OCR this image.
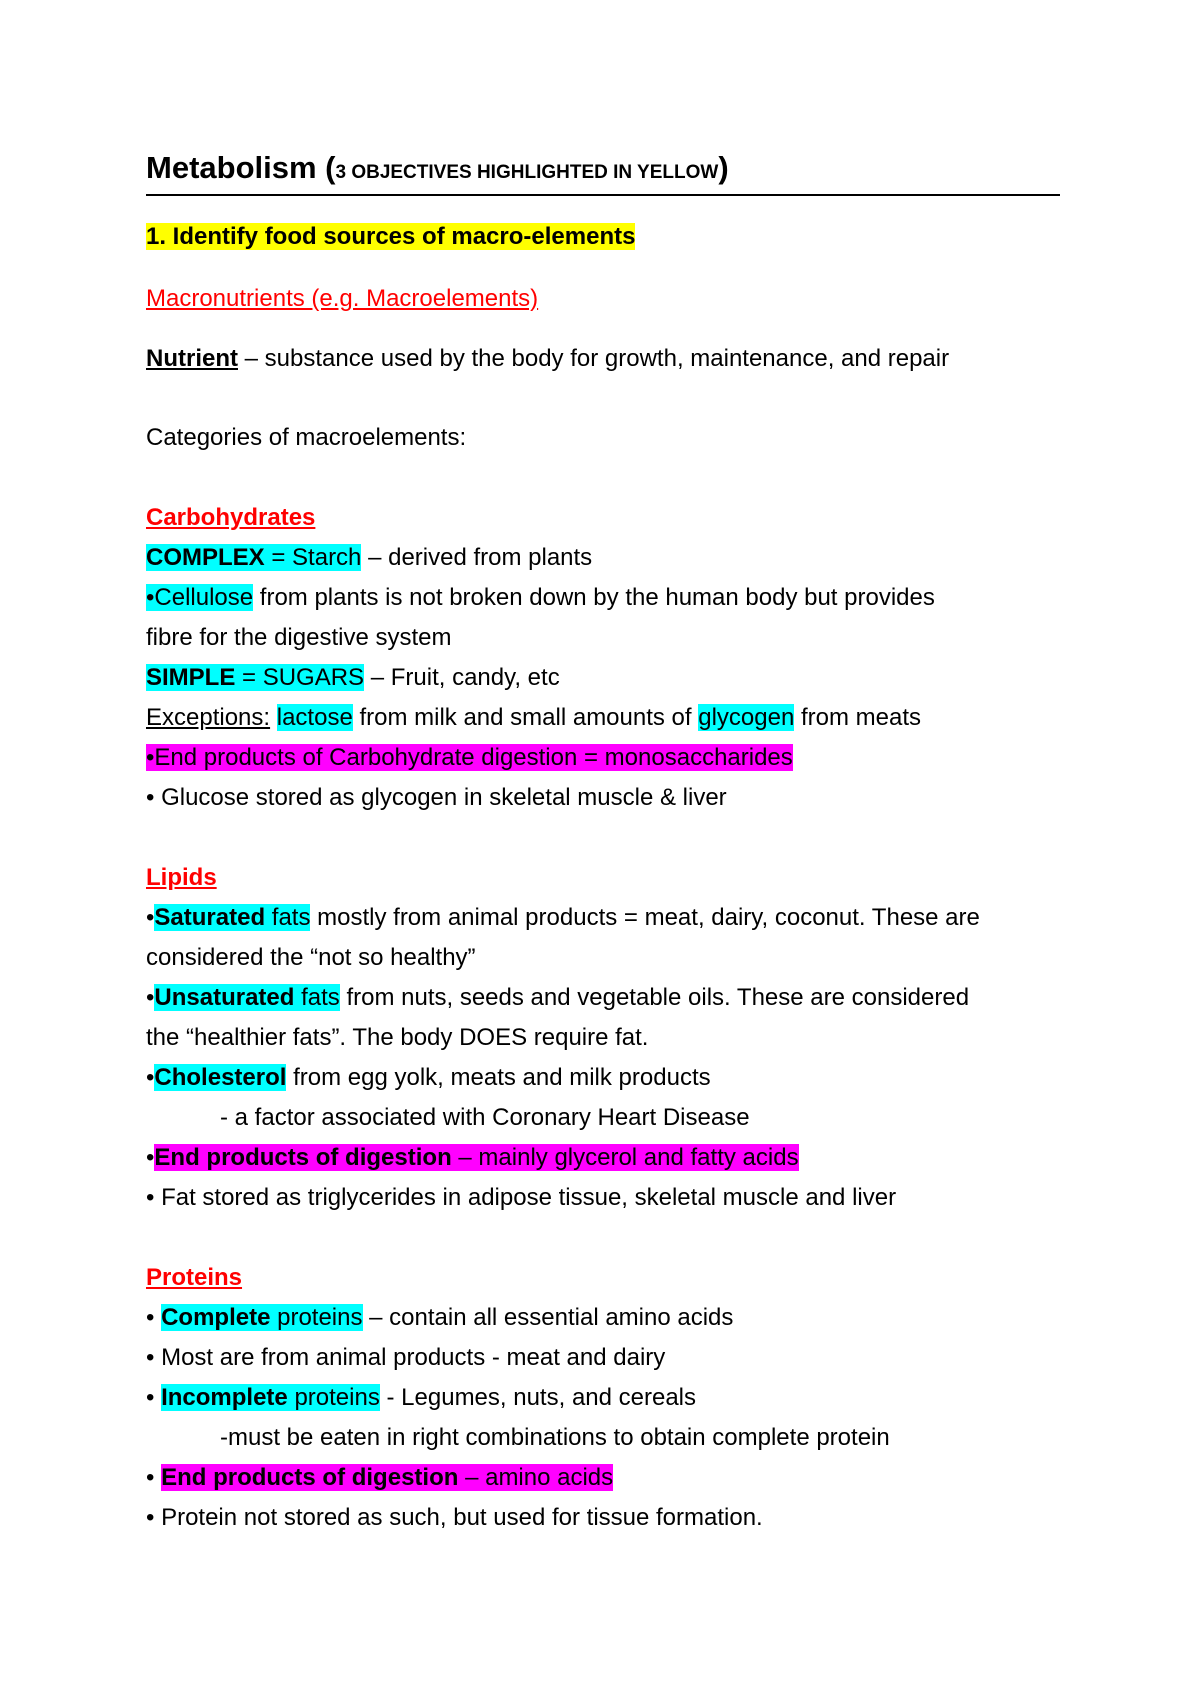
Metabolism (3 OBJECTIVES HIGHLIGHTED IN YELLOW)
1. Identify food sources of macro-elements
Macronutrients (e.g. Macroelements)
Nutrient – substance used by the body for growth, maintenance, and repair
Categories of macroelements:
Carbohydrates
COMPLEX = Starch – derived from plants
•Cellulose from plants is not broken down by the human body but provides
fibre for the digestive system
SIMPLE = SUGARS – Fruit, candy, etc
Exceptions: lactose from milk and small amounts of glycogen from meats
•End products of Carbohydrate digestion = monosaccharides
• Glucose stored as glycogen in skeletal muscle & liver
Lipids
•Saturated fats mostly from animal products = meat, dairy, coconut. These are
considered the “not so healthy”
•Unsaturated fats from nuts, seeds and vegetable oils. These are considered
the “healthier fats”. The body DOES require fat.
•Cholesterol from egg yolk, meats and milk products
- a factor associated with Coronary Heart Disease
•End products of digestion – mainly glycerol and fatty acids
• Fat stored as triglycerides in adipose tissue, skeletal muscle and liver
Proteins
• Complete proteins – contain all essential amino acids
• Most are from animal products - meat and dairy
• Incomplete proteins - Legumes, nuts, and cereals
-must be eaten in right combinations to obtain complete protein
• End products of digestion – amino acids
• Protein not stored as such, but used for tissue formation.
